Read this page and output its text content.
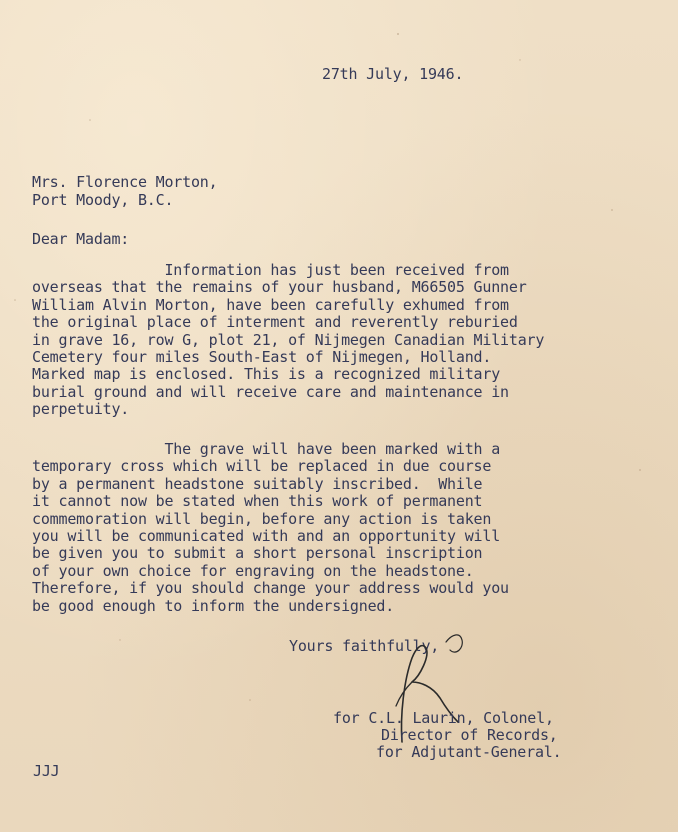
27th July, 1946.
Mrs. Florence Morton,
Port Moody, B.C.
Dear Madam:
Information has just been received from
overseas that the remains of your husband, M66505 Gunner
William Alvin Morton, have been carefully exhumed from
the original place of interment and reverently reburied
in grave 16, row G, plot 21, of Nijmegen Canadian Military
Cemetery four miles South-East of Nijmegen, Holland.
Marked map is enclosed. This is a recognized military
burial ground and will receive care and maintenance in
perpetuity.
The grave will have been marked with a
temporary cross which will be replaced in due course
by a permanent headstone suitably inscribed.  While
it cannot now be stated when this work of permanent
commemoration will begin, before any action is taken
you will be communicated with and an opportunity will
be given you to submit a short personal inscription
of your own choice for engraving on the headstone.
Therefore, if you should change your address would you
be good enough to inform the undersigned.
Yours faithfully,
for C.L. Laurin, Colonel,
Director of Records,
for Adjutant-General.
JJJ
